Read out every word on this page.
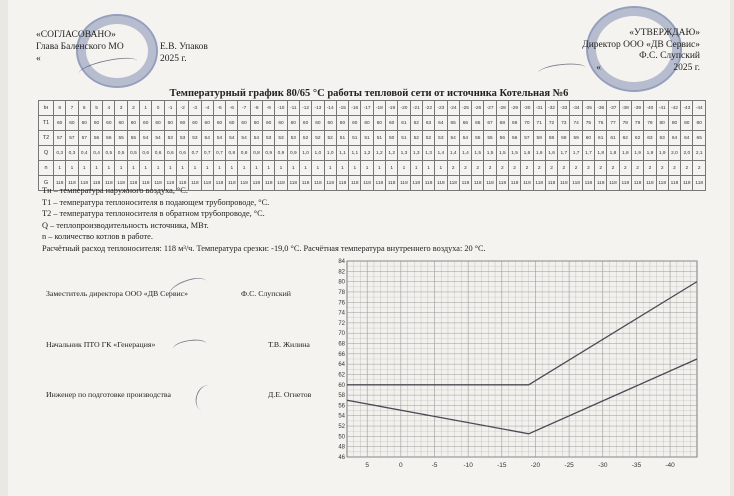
«СОГЛАСОВАНО»
Глава Баленского МО	Е.В. Упаков
«	2025 г.
«УТВЕРЖДАЮ»
Директор ООО «ДВ Сервис»
Ф.С. Слупский
«	2025 г.
Температурный график 80/65 °С работы тепловой сети от источника Котельная №6
tн	8	7	6	5	4	3	2	1	0	-1	-2	-3	-4	-5	-6	-7	-8	-9	-10	-11	-12	-13	-14	-15	-16	-17	-18	-19	-20	-21	-22	-23	-24	-25	-26	-27	-28	-29	-30	-31	-32	-33	-34	-35	-36	-37	-38	-39	-40	-41	-42	-43	-44
T1	60	60	60	60	60	60	60	60	60	60	60	60	60	60	60	60	60	60	60	60	60	60	60	60	60	60	60	60	61	62	63	64	65	66	66	67	68	69	70	71	72	73	74	75	76	77	78	79	79	80	80	80	80
T2	57	57	57	56	56	55	55	54	54	53	53	53	54	54	54	54	54	53	53	53	52	52	52	51	51	51	51	50	51	52	52	53	54	54	55	55	56	56	57	58	58	59	59	60	61	61	62	62	63	63	64	64	65
Q	0,3	0,3	0,4	0,4	0,5	0,5	0,5	0,6	0,6	0,6	0,6	0,7	0,7	0,7	0,8	0,8	0,8	0,9	0,9	0,9	1,0	1,0	1,0	1,1	1,1	1,2	1,2	1,2	1,3	1,3	1,3	1,4	1,4	1,4	1,5	1,5	1,5	1,5	1,6	1,6	1,6	1,7	1,7	1,7	1,8	1,8	1,8	1,9	1,9	1,9	2,0	2,0	2,1
n	1	1	1	1	1	1	1	1	1	1	1	1	1	1	1	1	1	1	1	1	1	1	1	1	1	1	1	1	1	1	1	1	2	2	2	2	2	2	2	2	2	2	2	2	2	2	2	2	2	2	2	2	2
G	118	118	118	118	118	118	118	118	118	118	118	118	118	118	118	118	118	118	118	118	118	118	118	118	118	118	118	118	118	118	118	118	118	118	118	118	118	118	118	118	118	118	118	118	118	118	118	118	118	118	118	118	118
Tн – температура наружного воздуха, °С.
T1 – температура теплоносителя в подающем трубопроводе, °С.
T2 – температура теплоносителя в обратном трубопроводе, °С.
Q – теплопроизводительность источника, МВт.
n – количество котлов в работе.
Расчётный расход теплоносителя: 118 м³/ч. Температура срезки: -19,0 °С. Расчётная температура внутреннего воздуха: 20 °С.
Заместитель директора ООО «ДВ Сервис»	Ф.С. Слупский
Начальник ПТО ГК «Генерация»	Т.В. Жилина
Инженер по подготовке производства	Д.Е. Огнетов
46
48
50
52
54
56
58
60
62
64
66
68
70
72
74
76
78
80
82
84
5	0	-5	-10	-15	-20	-25	-30	-35	-40
